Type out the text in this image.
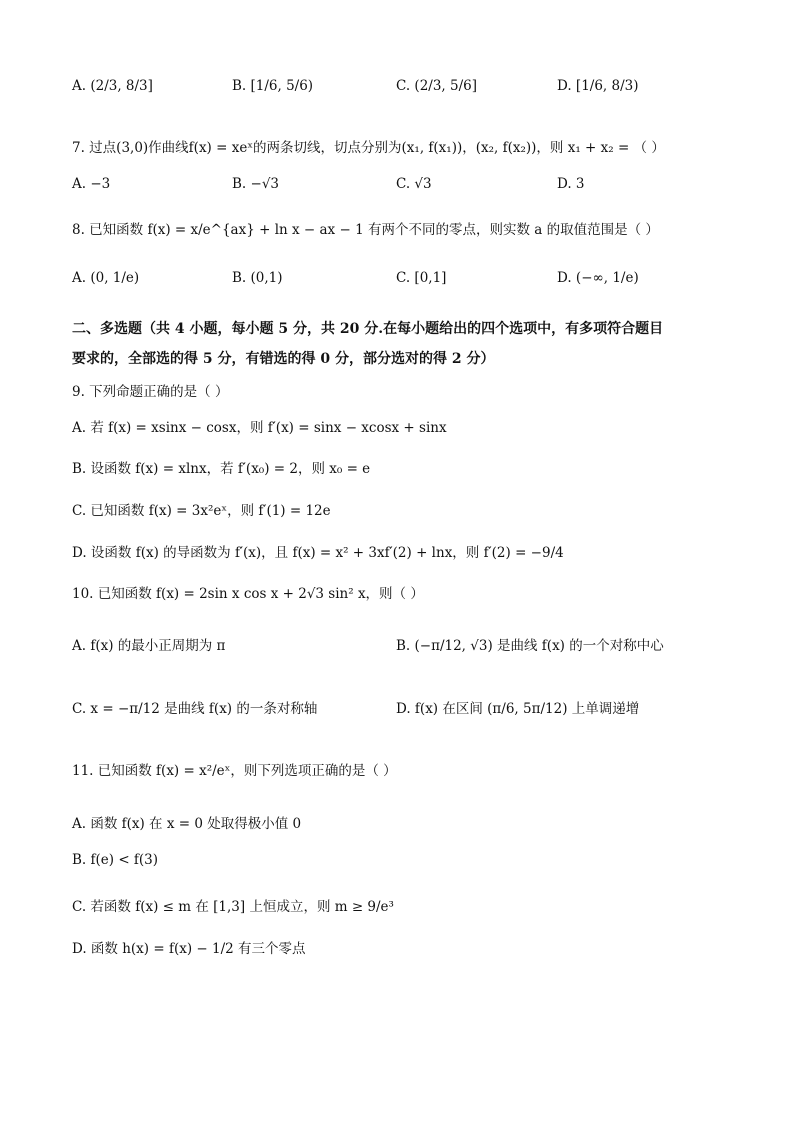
A. (2/3, 8/3]	B. [1/6, 5/6)	C. (2/3, 5/6]	D. [1/6, 8/3)
7. 过点(3,0)作曲线f(x) = xeˣ的两条切线，切点分别为(x₁, f(x₁))，(x₂, f(x₂))，则 x₁ + x₂ = （ ）
A. −3	B. −√3	C. √3	D. 3
8. 已知函数 f(x) = x/e^{ax} + ln x − ax − 1 有两个不同的零点，则实数 a 的取值范围是（ ）
A. (0, 1/e)	B. (0,1)	C. [0,1]	D. (−∞, 1/e)
二、多选题（共 4 小题，每小题 5 分，共 20 分.在每小题给出的四个选项中，有多项符合题目
要求的，全部选的得 5 分，有错选的得 0 分，部分选对的得 2 分）
9. 下列命题正确的是（ ）
A. 若 f(x) = xsinx − cosx，则 f′(x) = sinx − xcosx + sinx
B. 设函数 f(x) = xlnx，若 f′(x₀) = 2，则 x₀ = e
C. 已知函数 f(x) = 3x²eˣ，则 f′(1) = 12e
D. 设函数 f(x) 的导函数为 f′(x)，且 f(x) = x² + 3xf′(2) + lnx，则 f′(2) = −9/4
10. 已知函数 f(x) = 2sin x cos x + 2√3 sin² x，则（ ）
A. f(x) 的最小正周期为 π	B. (−π/12, √3) 是曲线 f(x) 的一个对称中心
C. x = −π/12 是曲线 f(x) 的一条对称轴	D. f(x) 在区间 (π/6, 5π/12) 上单调递增
11. 已知函数 f(x) = x²/eˣ，则下列选项正确的是（ ）
A. 函数 f(x) 在 x = 0 处取得极小值 0
B. f(e) < f(3)
C. 若函数 f(x) ≤ m 在 [1,3] 上恒成立，则 m ≥ 9/e³
D. 函数 h(x) = f(x) − 1/2 有三个零点
